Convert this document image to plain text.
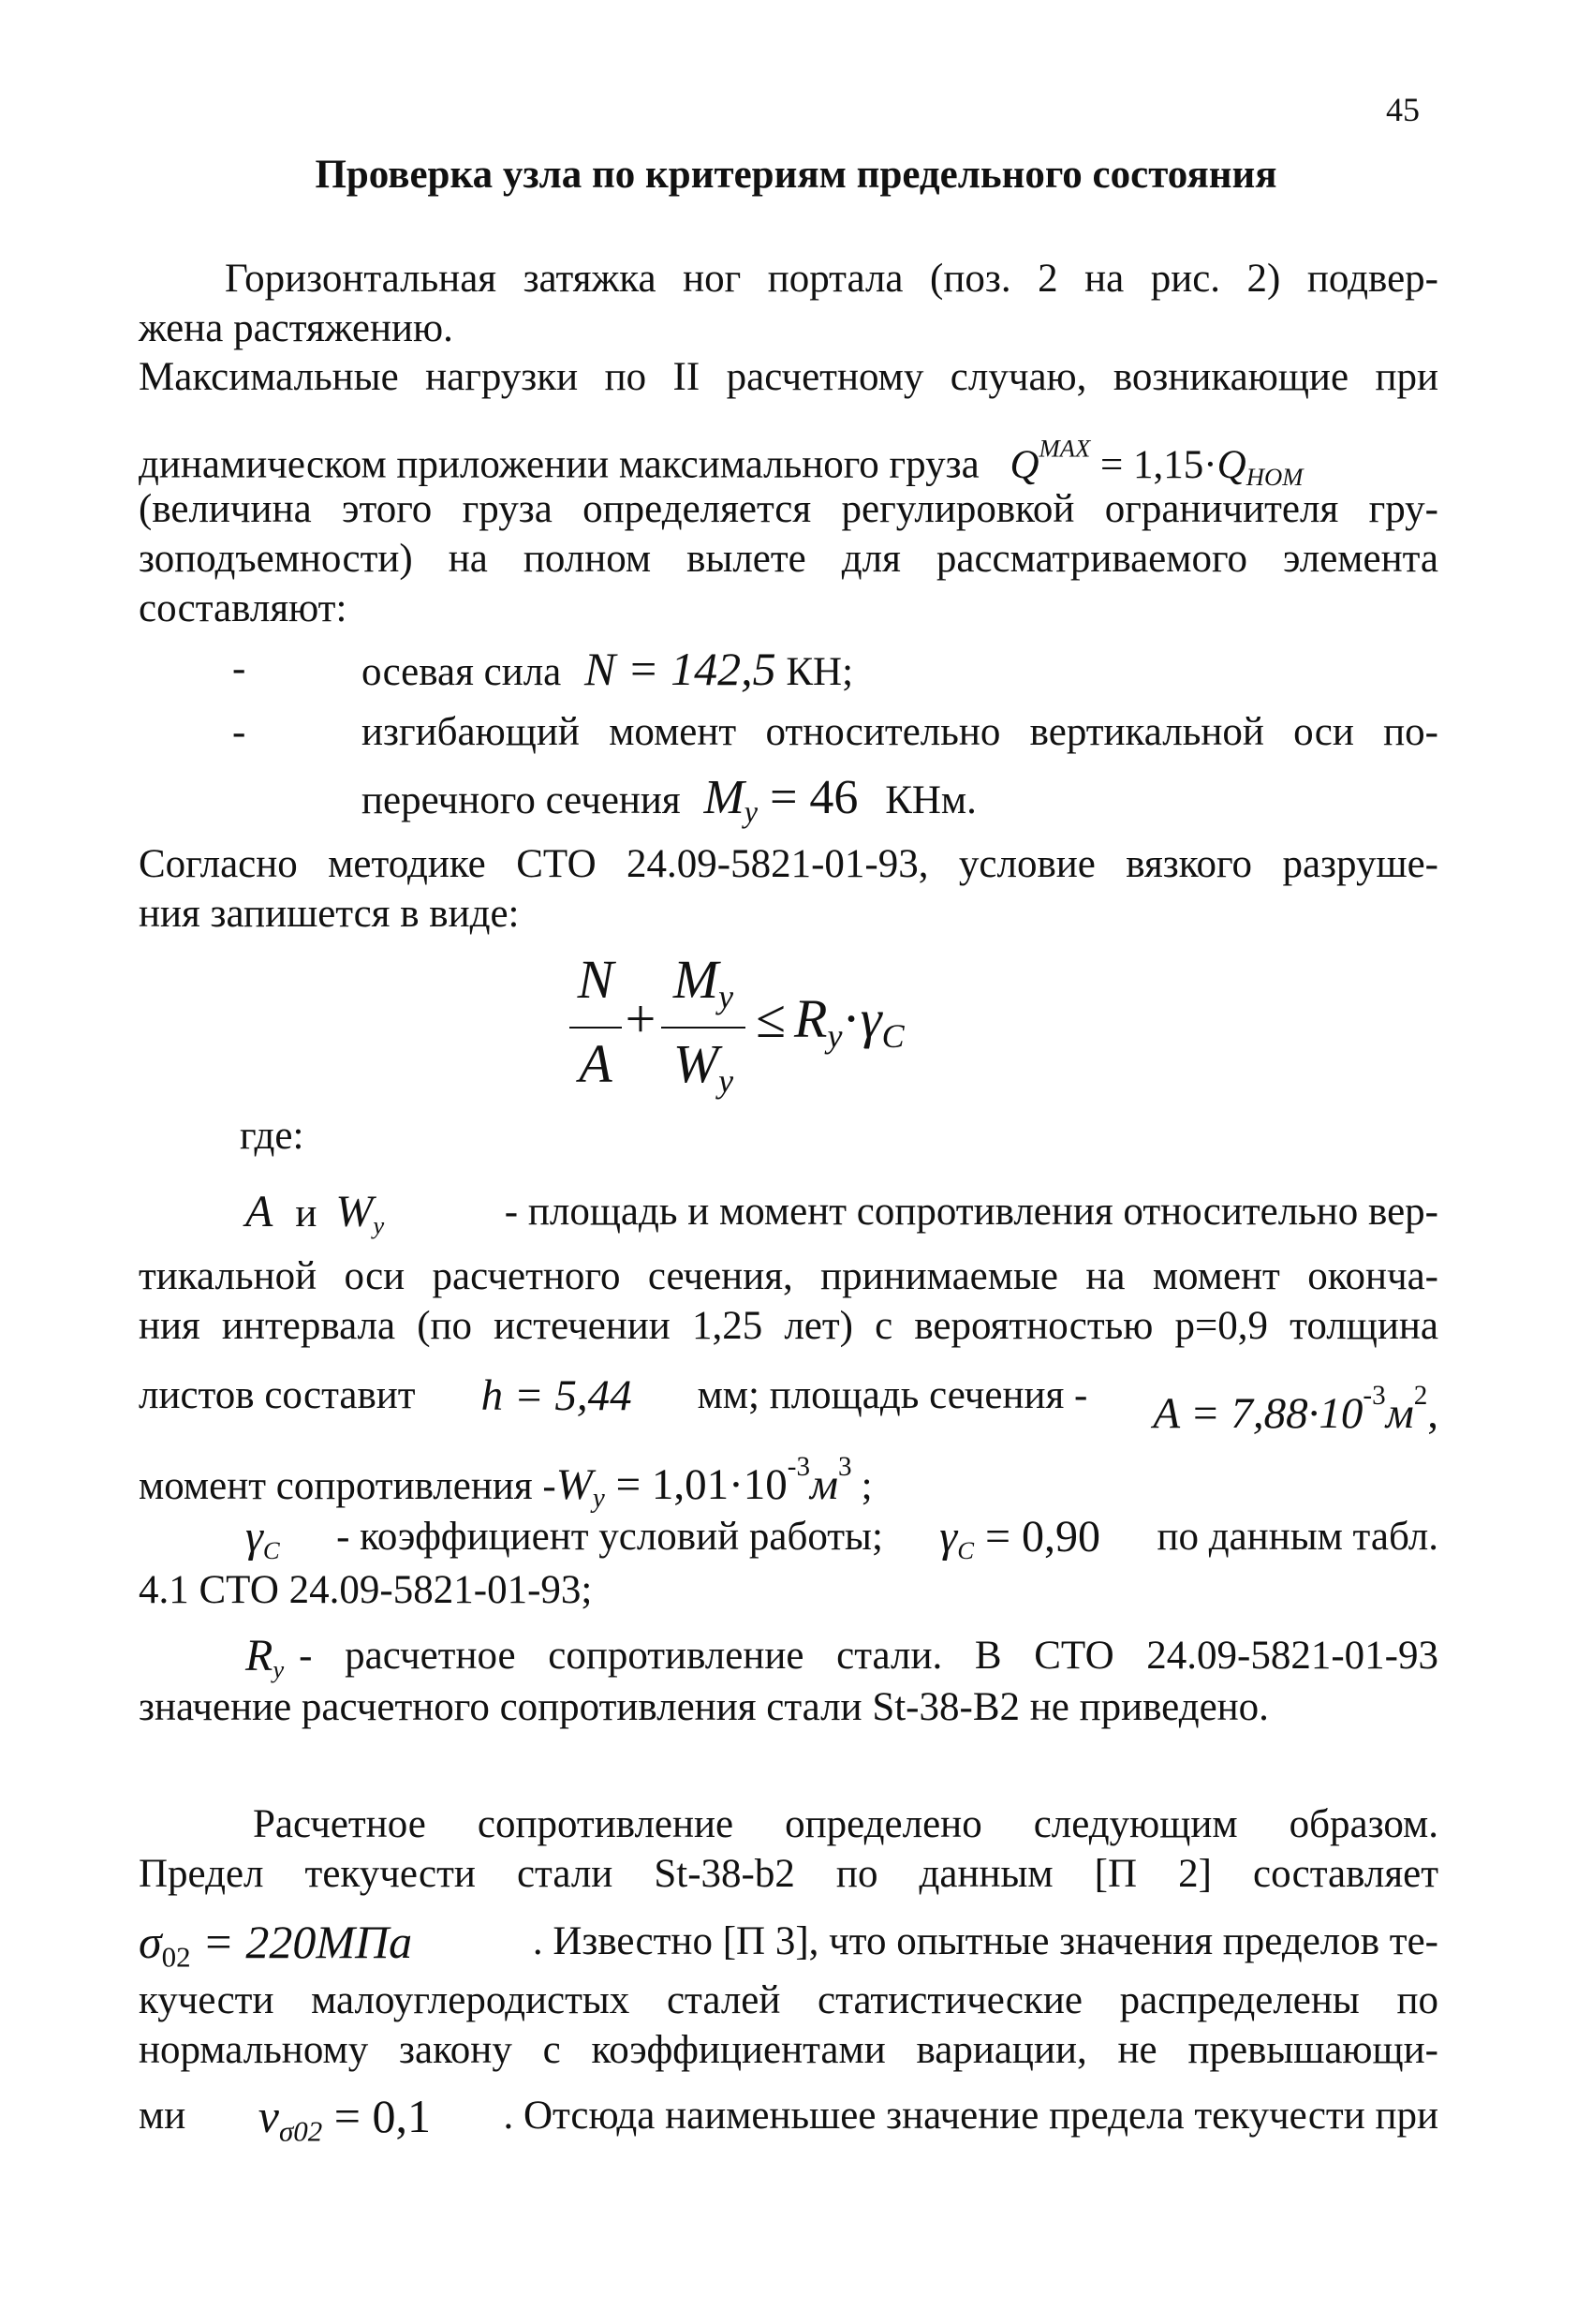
45
Проверка узла по критериям предельного состояния
Горизонтальная затяжка ног портала (поз. 2 на рис. 2) подвер-
жена растяжению.
Максимальные нагрузки по II расчетному случаю, возникающие при
динамическом приложении максимального груза $Q^{MAX} = 1,15\cdot Q_{НОМ}$
(величина этого груза определяется регулировкой ограничителя гру-
зоподъемности) на полном вылете для рассматриваемого элемента
составляют:
-	осевая сила N = 142,5 КН;
-	изгибающий момент относительно вертикальной оси по-
перечного сечения $M_y = 46$ КНм.
Согласно методике СТО 24.09-5821-01-93, условие вязкого разруше-
ния запишется в виде:
N
A
+
$M_y$
$W_y$
≤ $R_y\cdot\gamma_C$
где:
A и $W_y$	- площадь и момент сопротивления относительно вер-
тикальной оси расчетного сечения, принимаемые на момент оконча-
ния интервала (по истечении 1,25 лет) с вероятностью p=0,9 толщина
листов составит h = 5,44 мм; площадь сечения - $A = 7,88\cdot 10^{-3}м^2$,
момент сопротивления $-W_y = 1,01\cdot 10^{-3}м^3$ ;
$\gamma_C$ - коэффициент условий работы; $\gamma_C = 0,90$ по данным табл.
4.1 СТО 24.09-5821-01-93;
$R_y$ - расчетное сопротивление стали. В СТО 24.09-5821-01-93
значение расчетного сопротивления стали St-38-B2 не приведено.
Расчетное сопротивление определено следующим образом.
Предел текучести стали St-38-b2 по данным [П 2] составляет
$\sigma_{02} = 220МПа$	. Известно [П 3], что опытные значения пределов те-
кучести малоуглеродистых сталей статистические распределены по
нормальному закону с коэффициентами вариации, не превышающи-
ми $v_{\sigma 02} = 0,1$ . Отсюда наименьшее значение предела текучести при
